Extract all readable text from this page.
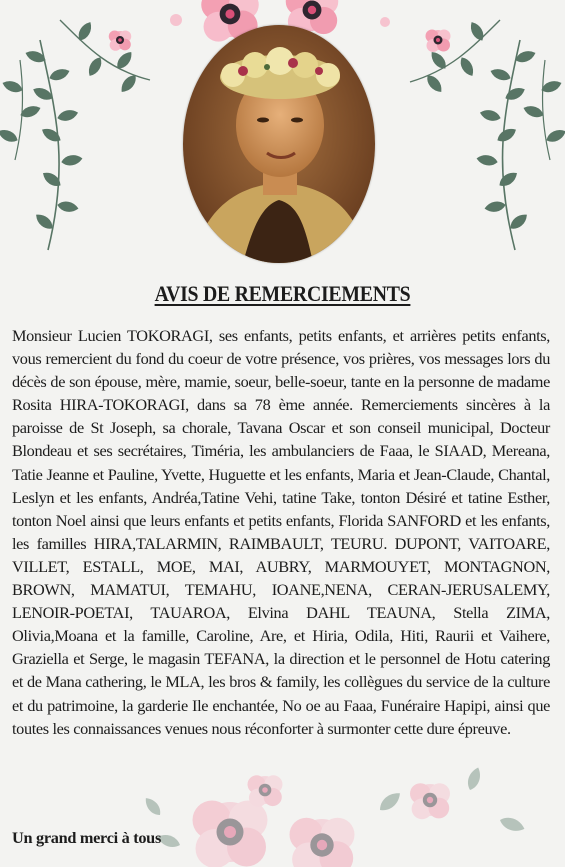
AVIS DE REMERCIEMENTS

Monsieur Lucien TOKORAGI, ses enfants, petits enfants, et arrières petits enfants, vous remercient du fond du coeur de votre présence, vos prières, vos messages lors du décès de son épouse, mère, mamie, soeur, belle-soeur, tante en la personne de madame Rosita HIRA-TOKORAGI, dans sa 78 ème année. Remerciements sincères à la paroisse de St Joseph, sa chorale, Tavana Oscar et son conseil municipal, Docteur Blondeau et ses secrétaires, Timéria, les ambulanciers de Faaa, le SIAAD, Mereana, Tatie Jeanne et Pauline, Yvette, Huguette et les enfants, Maria et Jean-Claude, Chantal, Leslyn et les enfants, Andréa,Tatine Vehi, tatine Take, tonton Désiré et tatine Esther, tonton Noel ainsi que leurs enfants et petits enfants, Florida SANFORD et les enfants, les familles HIRA,TALARMIN, RAIMBAULT, TEURU. DUPONT, VAITOARE, VILLET, ESTALL, MOE, MAI, AUBRY, MARMOUYET, MONTAGNON, BROWN, MAMATUI, TEMAHU, IOANE,NENA, CERAN-JERUSALEMY, LENOIR-POETAI, TAUAROA, Elvina DAHL TEAUNA, Stella ZIMA, Olivia,Moana et la famille, Caroline, Are, et Hiria, Odila, Hiti, Raurii et Vaihere, Graziella et Serge, le magasin TEFANA, la direction et le personnel de Hotu catering et de Mana cathering, le MLA, les bros & family, les collègues du service de la culture et du patrimoine, la garderie Ile enchantée, No oe au Faaa, Funéraire Hapipi, ainsi que toutes les connaissances venues nous réconforter à surmonter cette dure épreuve.

Un grand merci à tous
